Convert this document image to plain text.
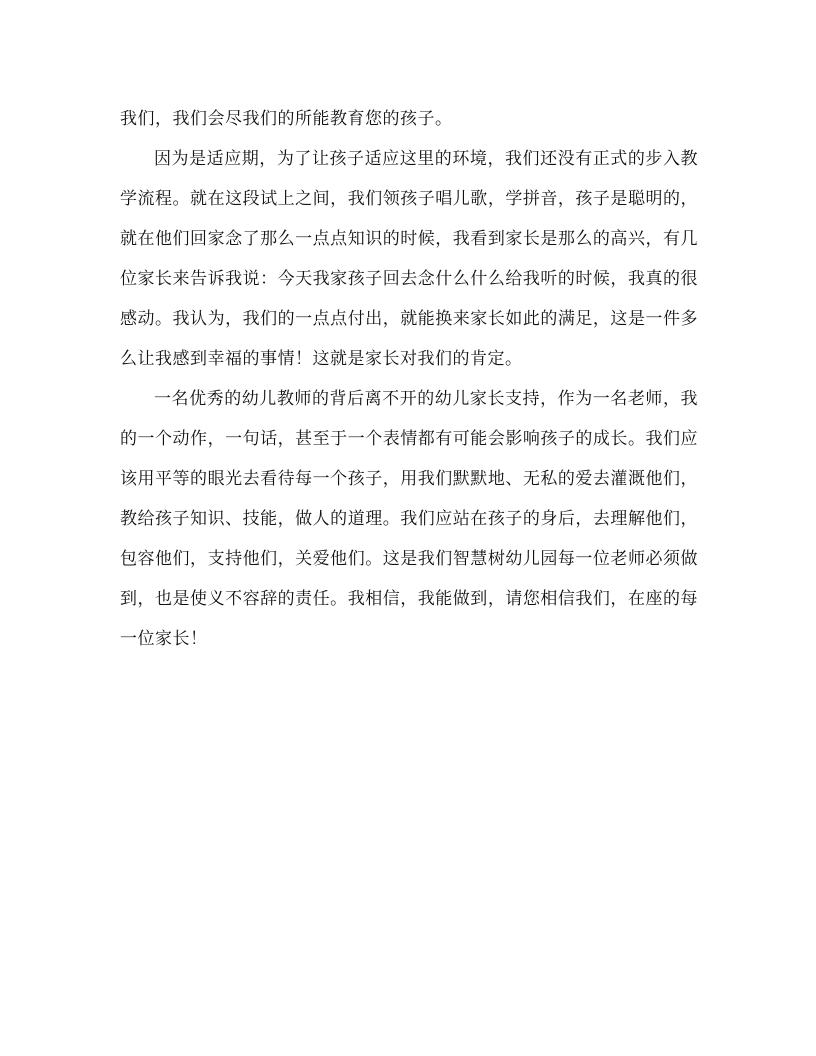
我们，我们会尽我们的所能教育您的孩子。

因为是适应期，为了让孩子适应这里的环境，我们还没有正式的步入教学流程。就在这段试上之间，我们领孩子唱儿歌，学拼音，孩子是聪明的，就在他们回家念了那么一点点知识的时候，我看到家长是那么的高兴，有几位家长来告诉我说：今天我家孩子回去念什么什么给我听的时候，我真的很感动。我认为，我们的一点点付出，就能换来家长如此的满足，这是一件多么让我感到幸福的事情！这就是家长对我们的肯定。

一名优秀的幼儿教师的背后离不开的幼儿家长支持，作为一名老师，我的一个动作，一句话，甚至于一个表情都有可能会影响孩子的成长。我们应该用平等的眼光去看待每一个孩子，用我们默默地、无私的爱去灌溉他们，教给孩子知识、技能，做人的道理。我们应站在孩子的身后，去理解他们，包容他们，支持他们，关爱他们。这是我们智慧树幼儿园每一位老师必须做到，也是使义不容辞的责任。我相信，我能做到，请您相信我们，在座的每一位家长！
